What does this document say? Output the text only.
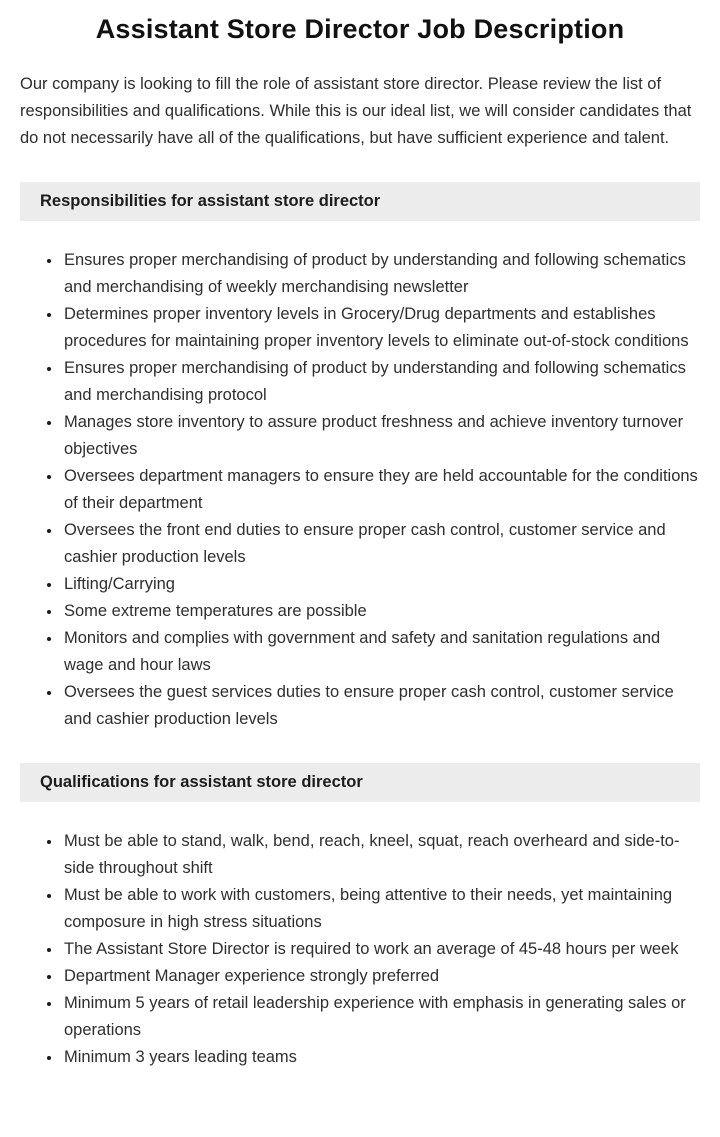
Assistant Store Director Job Description

Our company is looking to fill the role of assistant store director. Please review the list of responsibilities and qualifications. While this is our ideal list, we will consider candidates that do not necessarily have all of the qualifications, but have sufficient experience and talent.

Responsibilities for assistant store director
• Ensures proper merchandising of product by understanding and following schematics and merchandising of weekly merchandising newsletter
• Determines proper inventory levels in Grocery/Drug departments and establishes procedures for maintaining proper inventory levels to eliminate out-of-stock conditions
• Ensures proper merchandising of product by understanding and following schematics and merchandising protocol
• Manages store inventory to assure product freshness and achieve inventory turnover objectives
• Oversees department managers to ensure they are held accountable for the conditions of their department
• Oversees the front end duties to ensure proper cash control, customer service and cashier production levels
• Lifting/Carrying
• Some extreme temperatures are possible
• Monitors and complies with government and safety and sanitation regulations and wage and hour laws
• Oversees the guest services duties to ensure proper cash control, customer service and cashier production levels
Qualifications for assistant store director
• Must be able to stand, walk, bend, reach, kneel, squat, reach overheard and side-to-side throughout shift
• Must be able to work with customers, being attentive to their needs, yet maintaining composure in high stress situations
• The Assistant Store Director is required to work an average of 45-48 hours per week
• Department Manager experience strongly preferred
• Minimum 5 years of retail leadership experience with emphasis in generating sales or operations
• Minimum 3 years leading teams
